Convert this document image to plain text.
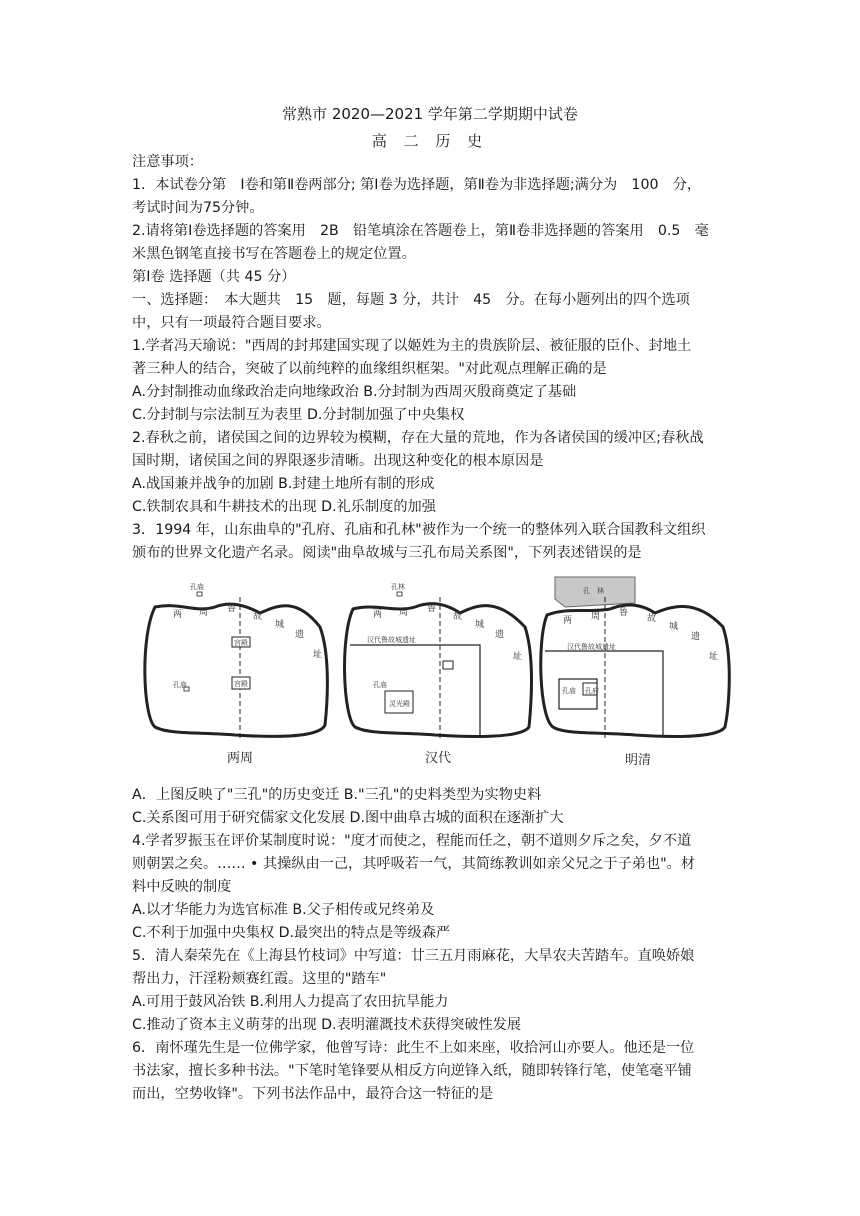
常熟市 2020—2021 学年第二学期期中试卷
高 二 历 史
注意事项：
1．本试卷分第　Ⅰ卷和第Ⅱ卷两部分; 第Ⅰ卷为选择题，第Ⅱ卷为非选择题;满分为　100　分，
考试时间为75分钟。
2.请将第Ⅰ卷选择题的答案用　2B　铅笔填涂在答题卷上，第Ⅱ卷非选择题的答案用　0.5　毫
米黑色钢笔直接书写在答题卷上的规定位置。
第Ⅰ卷 选择题（共 45 分）
一、选择题：　本大题共　15　题，每题 3 分，共计　45　分。在每小题列出的四个选项
中，只有一项最符合题目要求。
1.学者冯天瑜说："西周的封邦建国实现了以姬姓为主的贵族阶层、被征服的臣仆、封地土
著三种人的结合，突破了以前纯粹的血缘组织框架。"对此观点理解正确的是
A.分封制推动血缘政治走向地缘政治 B.分封制为西周灭殷商奠定了基础
C.分封制与宗法制互为表里 D.分封制加强了中央集权
2.春秋之前，诸侯国之间的边界较为模糊，存在大量的荒地，作为各诸侯国的缓冲区;春秋战
国时期，诸侯国之间的界限逐步清晰。出现这种变化的根本原因是
A.战国兼并战争的加剧 B.封建土地所有制的形成
C.铁制农具和牛耕技术的出现 D.礼乐制度的加强
3．1994 年，山东曲阜的"孔府、孔庙和孔林"被作为一个统一的整体列入联合国教科文组织
颁布的世界文化遗产名录。阅读"曲阜故城与三孔布局关系图"，下列表述错误的是
孔庙
两 周 鲁
故
城
遗
址
孔庙
宫殿
宫殿
两周
孔林
两 周 鲁
故
城
遗
址
汉代鲁故城遗址
孔庙
灵光殿
汉代
孔　林
两 周 鲁
故
城
遗
址
汉代鲁故城遗址
孔庙 孔府
明清
A．上图反映了"三孔"的历史变迁 B."三孔"的史料类型为实物史料
C.关系图可用于研究儒家文化发展 D.图中曲阜古城的面积在逐渐扩大
4.学者罗振玉在评价某制度时说："度才而使之，程能而任之，朝不道则夕斥之矣，夕不道
则朝罢之矣。…… • 其操纵由一己，其呼吸若一气，其简练教训如亲父兄之于子弟也"。材
料中反映的制度
A.以才华能力为选官标准 B.父子相传或兄终弟及
C.不利于加强中央集权 D.最突出的特点是等级森严
5．清人秦荣先在《上海县竹枝词》中写道：廿三五月雨麻花，大旱农夫苦踏车。直唤娇娘
帮出力，汗淫粉颊赛红霞。这里的"踏车"
A.可用于鼓风冶铁 B.利用人力提高了农田抗旱能力
C.推动了资本主义萌芽的出现 D.表明灌溉技术获得突破性发展
6．南怀瑾先生是一位佛学家，他曾写诗：此生不上如来座，收拾河山亦要人。他还是一位
书法家，擅长多种书法。"下笔时笔锋要从相反方向逆锋入纸，随即转锋行笔，使笔毫平铺
而出，空势收锋"。下列书法作品中，最符合这一特征的是
